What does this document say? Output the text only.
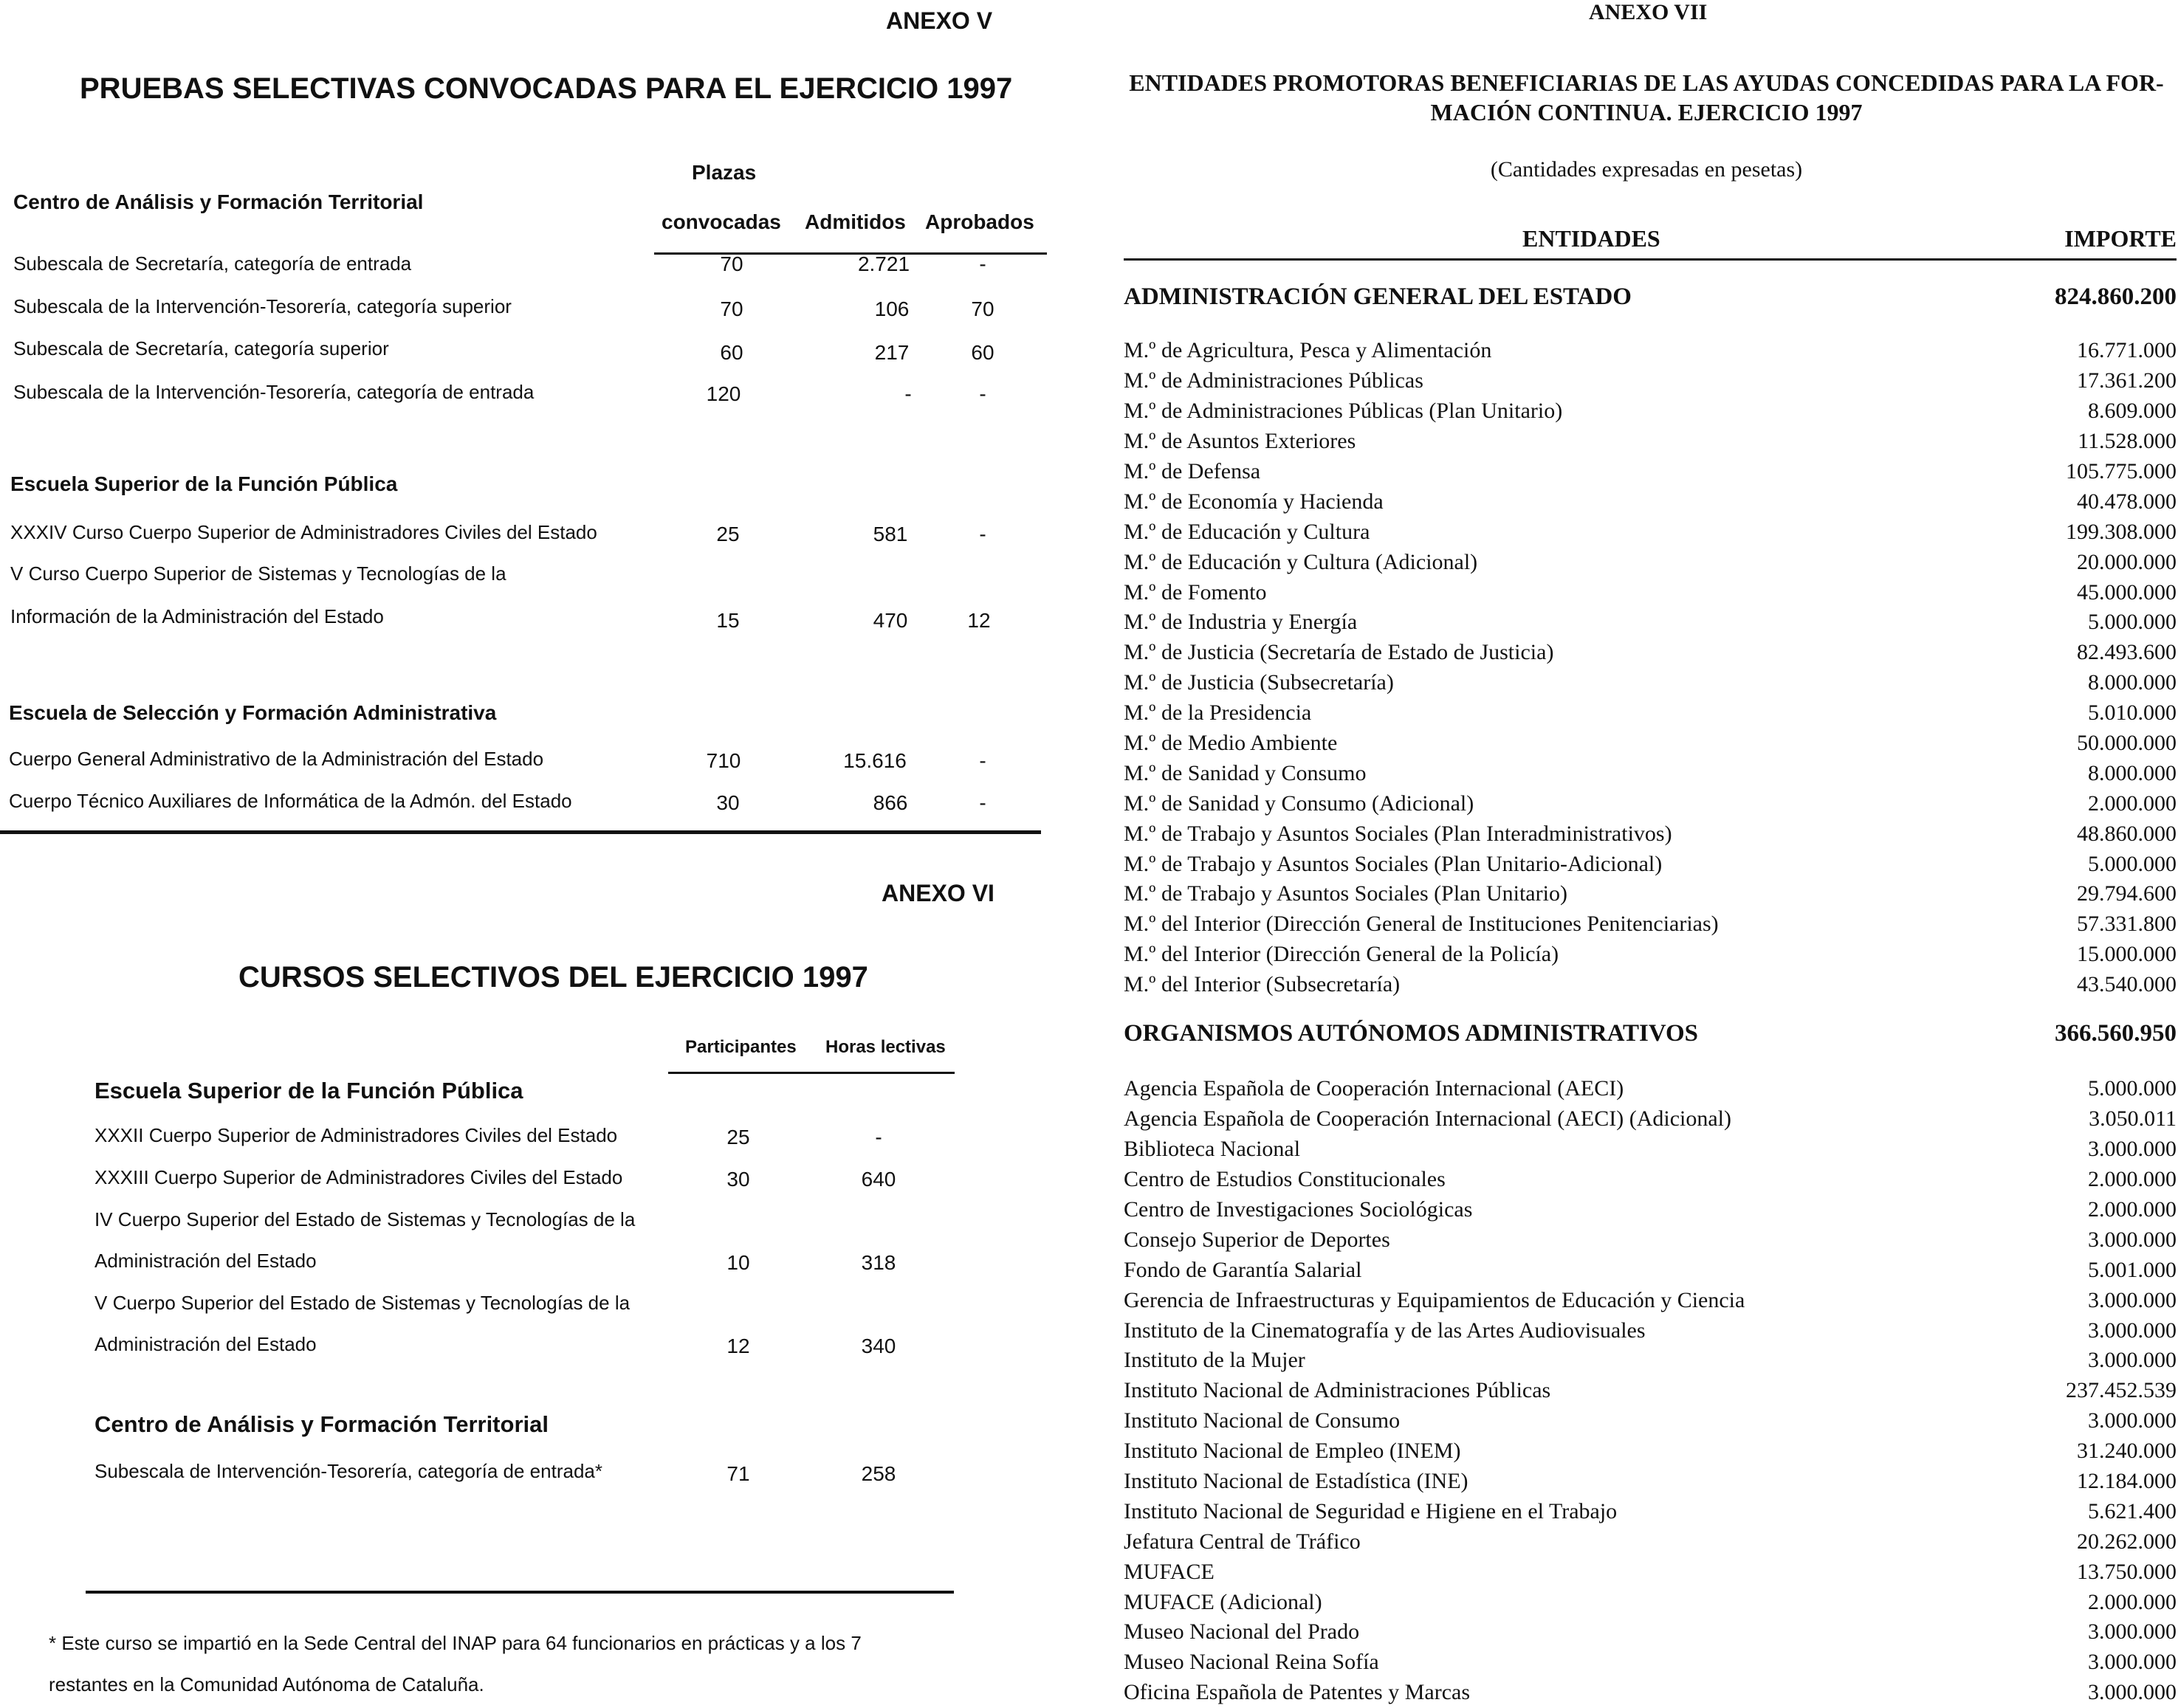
ANEXO V
PRUEBAS SELECTIVAS CONVOCADAS PARA EL EJERCICIO 1997
Plazas
convocadas Admitidos Aprobados
Centro de Análisis y Formación Territorial
Subescala de Secretaría, categoría de entrada	70	2.721	-
Subescala de la Intervención-Tesorería, categoría superior	70	106	70
Subescala de Secretaría, categoría superior	60	217	60
Subescala de la Intervención-Tesorería, categoría de entrada	120	-	-
Escuela Superior de la Función Pública
XXXIV Curso Cuerpo Superior de Administradores Civiles del Estado	25	581	-
V Curso Cuerpo Superior de Sistemas y Tecnologías de la
Información de la Administración del Estado	15	470	12
Escuela de Selección y Formación Administrativa
Cuerpo General Administrativo de la Administración del Estado	710	15.616	-
Cuerpo Técnico Auxiliares de Informática de la Admón. del Estado	30	866	-
ANEXO VI
CURSOS SELECTIVOS DEL EJERCICIO 1997
Participantes Horas lectivas
Escuela Superior de la Función Pública
XXXII Cuerpo Superior de Administradores Civiles del Estado	25	-
XXXIII Cuerpo Superior de Administradores Civiles del Estado	30	640
IV Cuerpo Superior del Estado de Sistemas y Tecnologías de la
Administración del Estado	10	318
V Cuerpo Superior del Estado de Sistemas y Tecnologías de la
Administración del Estado	12	340
Centro de Análisis y Formación Territorial
Subescala de Intervención-Tesorería, categoría de entrada*	71	258
* Este curso se impartió en la Sede Central del INAP para 64 funcionarios en prácticas y a los 7
restantes en la Comunidad Autónoma de Cataluña.
ANEXO VII
ENTIDADES PROMOTORAS BENEFICIARIAS DE LAS AYUDAS CONCEDIDAS PARA LA FOR-
MACIÓN CONTINUA. EJERCICIO 1997
(Cantidades expresadas en pesetas)
ENTIDADES	IMPORTE
ADMINISTRACIÓN GENERAL DEL ESTADO	824.860.200
M.º de Agricultura, Pesca y Alimentación	16.771.000
M.º de Administraciones Públicas	17.361.200
M.º de Administraciones Públicas (Plan Unitario)	8.609.000
M.º de Asuntos Exteriores	11.528.000
M.º de Defensa	105.775.000
M.º de Economía y Hacienda	40.478.000
M.º de Educación y Cultura	199.308.000
M.º de Educación y Cultura (Adicional)	20.000.000
M.º de Fomento	45.000.000
M.º de Industria y Energía	5.000.000
M.º de Justicia (Secretaría de Estado de Justicia)	82.493.600
M.º de Justicia (Subsecretaría)	8.000.000
M.º de la Presidencia	5.010.000
M.º de Medio Ambiente	50.000.000
M.º de Sanidad y Consumo	8.000.000
M.º de Sanidad y Consumo (Adicional)	2.000.000
M.º de Trabajo y Asuntos Sociales (Plan Interadministrativos)	48.860.000
M.º de Trabajo y Asuntos Sociales (Plan Unitario-Adicional)	5.000.000
M.º de Trabajo y Asuntos Sociales (Plan Unitario)	29.794.600
M.º del Interior (Dirección General de Instituciones Penitenciarias)	57.331.800
M.º del Interior (Dirección General de la Policía)	15.000.000
M.º del Interior (Subsecretaría)	43.540.000
ORGANISMOS AUTÓNOMOS ADMINISTRATIVOS	366.560.950
Agencia Española de Cooperación Internacional (AECI)	5.000.000
Agencia Española de Cooperación Internacional (AECI) (Adicional)	3.050.011
Biblioteca Nacional	3.000.000
Centro de Estudios Constitucionales	2.000.000
Centro de Investigaciones Sociológicas	2.000.000
Consejo Superior de Deportes	3.000.000
Fondo de Garantía Salarial	5.001.000
Gerencia de Infraestructuras y Equipamientos de Educación y Ciencia	3.000.000
Instituto de la Cinematografía y de las Artes Audiovisuales	3.000.000
Instituto de la Mujer	3.000.000
Instituto Nacional de Administraciones Públicas	237.452.539
Instituto Nacional de Consumo	3.000.000
Instituto Nacional de Empleo (INEM)	31.240.000
Instituto Nacional de Estadística (INE)	12.184.000
Instituto Nacional de Seguridad e Higiene en el Trabajo	5.621.400
Jefatura Central de Tráfico	20.262.000
MUFACE	13.750.000
MUFACE (Adicional)	2.000.000
Museo Nacional del Prado	3.000.000
Museo Nacional Reina Sofía	3.000.000
Oficina Española de Patentes y Marcas	3.000.000
